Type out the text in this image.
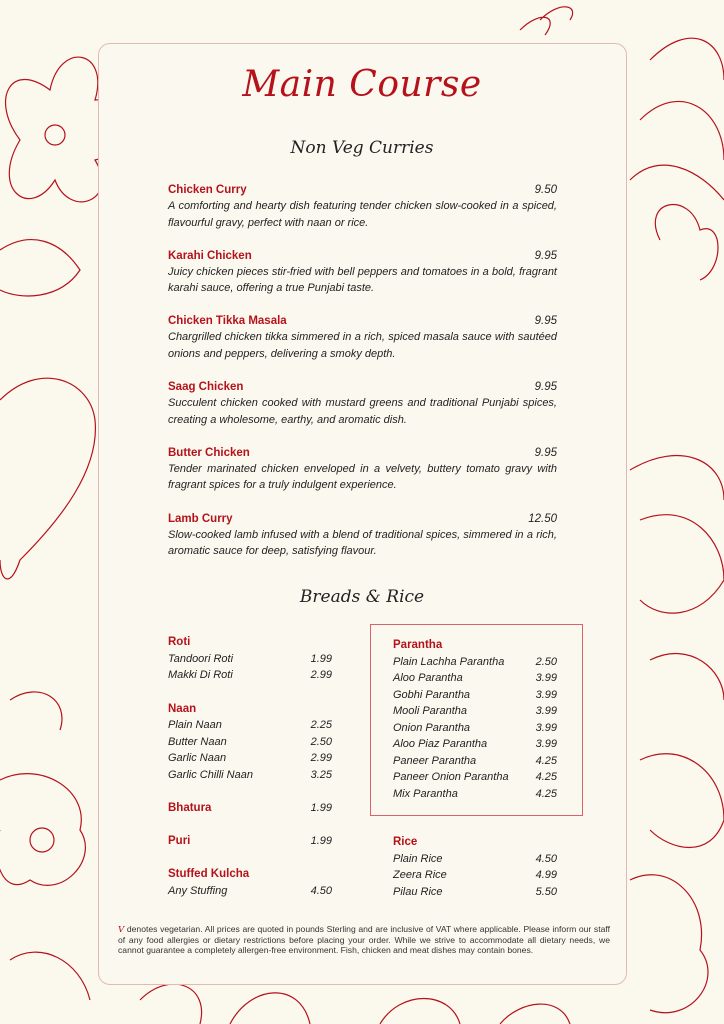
Main Course
Non Veg Curries
Chicken Curry	9.50
A comforting and hearty dish featuring tender chicken slow-cooked in a spiced, flavourful gravy, perfect with naan or rice.
Karahi Chicken	9.95
Juicy chicken pieces stir-fried with bell peppers and tomatoes in a bold, fragrant karahi sauce, offering a true Punjabi taste.
Chicken Tikka Masala	9.95
Chargrilled chicken tikka simmered in a rich, spiced masala sauce with sautéed onions and peppers, delivering a smoky depth.
Saag Chicken	9.95
Succulent chicken cooked with mustard greens and traditional Punjabi spices, creating a wholesome, earthy, and aromatic dish.
Butter Chicken	9.95
Tender marinated chicken enveloped in a velvety, buttery tomato gravy with fragrant spices for a truly indulgent experience.
Lamb Curry	12.50
Slow-cooked lamb infused with a blend of traditional spices, simmered in a rich, aromatic sauce for deep, satisfying flavour.
Breads & Rice
Roti
Tandoori Roti	1.99
Makki Di Roti	2.99
Naan
Plain Naan	2.25
Butter Naan	2.50
Garlic Naan	2.99
Garlic Chilli Naan	3.25
Bhatura	1.99
Puri	1.99
Stuffed Kulcha
Any Stuffing	4.50
Parantha
Plain Lachha Parantha	2.50
Aloo Parantha	3.99
Gobhi Parantha	3.99
Mooli Parantha	3.99
Onion Parantha	3.99
Aloo Piaz Parantha	3.99
Paneer Parantha	4.25
Paneer Onion Parantha 4.25
Mix Parantha	4.25
Rice
Plain Rice	4.50
Zeera Rice	4.99
Pilau Rice	5.50
V denotes vegetarian. All prices are quoted in pounds Sterling and are inclusive of VAT where applicable. Please inform our staff of any food allergies or dietary restrictions before placing your order. While we strive to accommodate all dietary needs, we cannot guarantee a completely allergen-free environment. Fish, chicken and meat dishes may contain bones.
